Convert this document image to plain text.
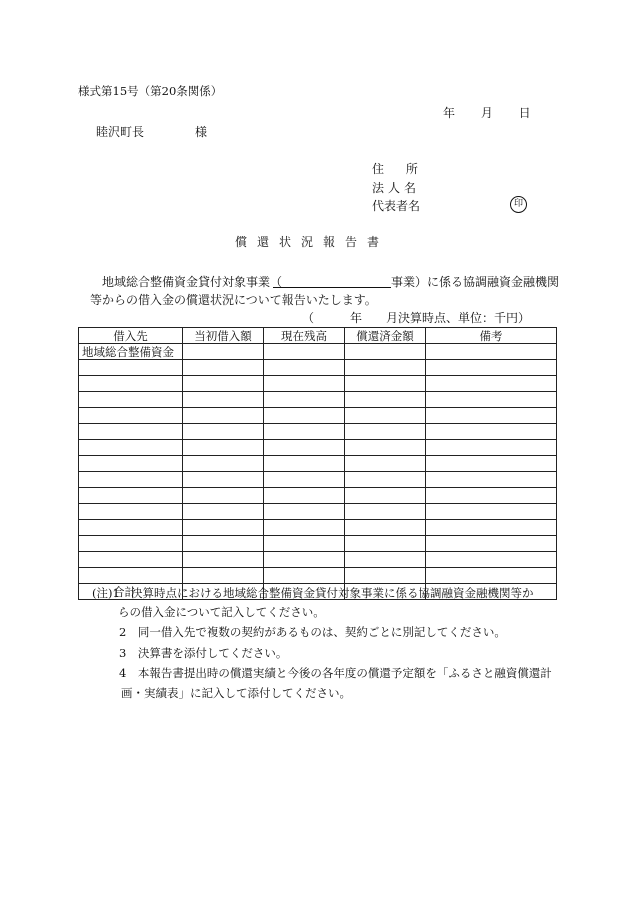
様式第15号（第20条関係）
年 月 日
睦沢町長	様
住 所
法人名
代表者名	印
償還状況報告書
地域総合整備資金貸付対象事業（	事業）に係る協調融資金融機関
等からの借入金の償還状況について報告いたします。
（　　　年　　月決算時点、単位：千円）
借入先	当初借入額	現在残高	償還済金額	備考
地域総合整備資金				

合計				
(注)1 決算時点における地域総合整備資金貸付対象事業に係る協調融資金融機関等か
らの借入金について記入してください。
2　同一借入先で複数の契約があるものは、契約ごとに別記してください。
3　決算書を添付してください。
4　本報告書提出時の償還実績と今後の各年度の償還予定額を「ふるさと融資償還計
画・実績表」に記入して添付してください。
